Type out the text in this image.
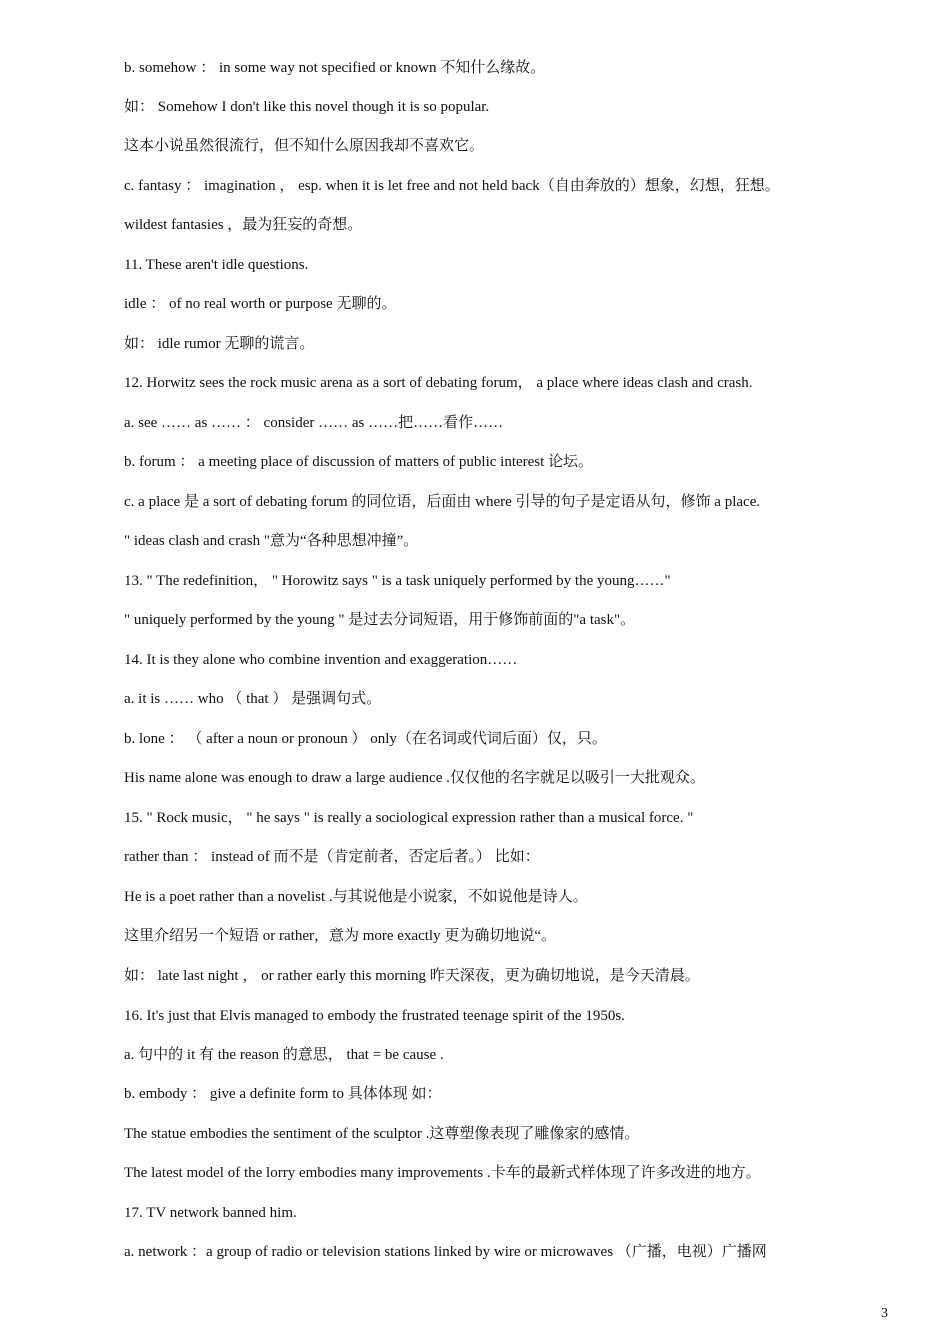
b. somehow ： in some way not specified or known 不知什么缘故。
如： Somehow I don't like this novel though it is so popular.
这本小说虽然很流行，但不知什么原因我却不喜欢它。
c. fantasy ： imagination ， esp. when it is let free and not held back（自由奔放的）想象，幻想，狂想。
wildest fantasies ，最为狂妄的奇想。
11. These aren't idle questions.
idle ： of no real worth or purpose 无聊的。
如： idle rumor 无聊的谎言。
12. Horwitz sees the rock music arena as a sort of debating forum， a place where ideas clash and crash.
a. see …… as …… ： consider …… as ……把……看作……
b. forum ： a meeting place of discussion of matters of public interest 论坛。
c. a place 是 a sort of debating forum 的同位语，后面由 where 引导的句子是定语从句，修饰 a place.
" ideas clash and crash "意为“各种思想冲撞”。
13. " The redefinition， " Horowitz says " is a task uniquely performed by the young……"
" uniquely performed by the young " 是过去分词短语，用于修饰前面的"a task"。
14. It is they alone who combine invention and exaggeration……
a. it is …… who （ that ） 是强调句式。
b. lone ： （ after a noun or pronoun ） only（在名词或代词后面）仅，只。
His name alone was enough to draw a large audience .仅仅他的名字就足以吸引一大批观众。
15. " Rock music， " he says " is really a sociological expression rather than a musical force. "
rather than ： instead of 而不是（肯定前者，否定后者。） 比如：
He is a poet rather than a novelist .与其说他是小说家，不如说他是诗人。
这里介绍另一个短语 or rather，意为 more exactly 更为确切地说“。
如： late last night ， or rather early this morning 昨天深夜，更为确切地说，是今天清晨。
16. It's just that Elvis managed to embody the frustrated teenage spirit of the 1950s.
a. 句中的 it 有 the reason 的意思， that = be cause .
b. embody ： give a definite form to 具体体现 如：
The statue embodies the sentiment of the sculptor .这尊塑像表现了雕像家的感情。
The latest model of the lorry embodies many improvements .卡车的最新式样体现了许多改进的地方。
17. TV network banned him.
a. network ：a group of radio or television stations linked by wire or microwaves （广播，电视）广播网
3
